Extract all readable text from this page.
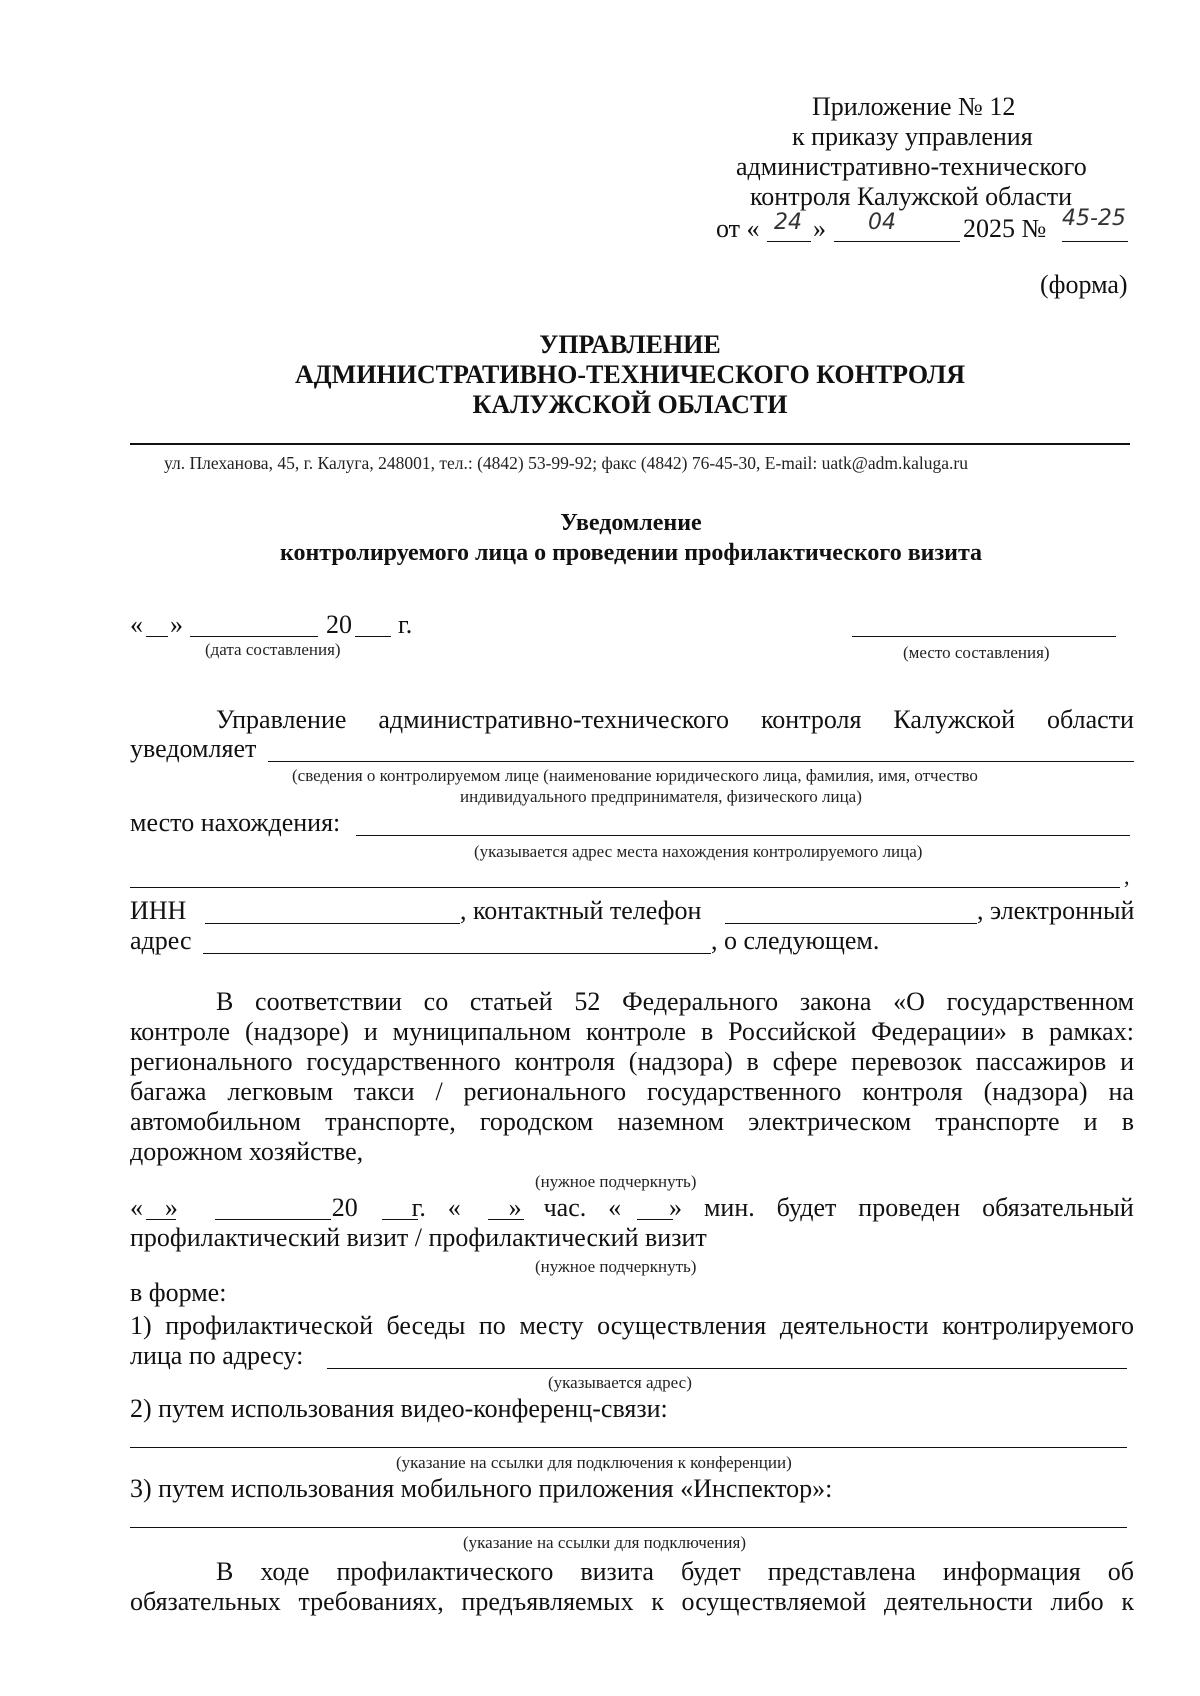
Приложение № 12
к приказу управления
административно-технического
контроля Калужской области
от « 24 » 04	2025 № 45-25
(форма)
УПРАВЛЕНИЕ
АДМИНИСТРАТИВНО-ТЕХНИЧЕСКОГО КОНТРОЛЯ
КАЛУЖСКОЙ ОБЛАСТИ
ул. Плеханова, 45, г. Калуга, 248001, тел.: (4842) 53-99-92; факс (4842) 76-45-30, E-mail: uatk@adm.kaluga.ru
Уведомление
контролируемого лица о проведении профилактического визита
« »	20 г.
(дата составления)	(место составления)
Управление административно-технического контроля Калужской области
уведомляет
(сведения о контролируемом лице (наименование юридического лица, фамилия, имя, отчество
индивидуального предпринимателя, физического лица)
место нахождения:
(указывается адрес места нахождения контролируемого лица)
,
ИНН	, контактный телефон	, электронный
адрес	, о следующем.
В соответствии со статьей 52 Федерального закона «О государственном
контроле (надзоре) и муниципальном контроле в Российской Федерации» в рамках:
регионального государственного контроля (надзора) в сфере перевозок пассажиров и
багажа легковым такси / регионального государственного контроля (надзора) на
автомобильном транспорте, городском наземном электрическом транспорте и в
дорожном хозяйстве,
(нужное подчеркнуть)
« »	20	г. «	» час. «	» мин. будет проведен обязательный
профилактический визит / профилактический визит
(нужное подчеркнуть)
в форме:
1) профилактической беседы по месту осуществления деятельности контролируемого
лица по адресу:
(указывается адрес)
2) путем использования видео-конференц-связи:
(указание на ссылки для подключения к конференции)
3) путем использования мобильного приложения «Инспектор»:
(указание на ссылки для подключения)
В ходе профилактического визита будет представлена информация об
обязательных требованиях, предъявляемых к осуществляемой деятельности либо к
